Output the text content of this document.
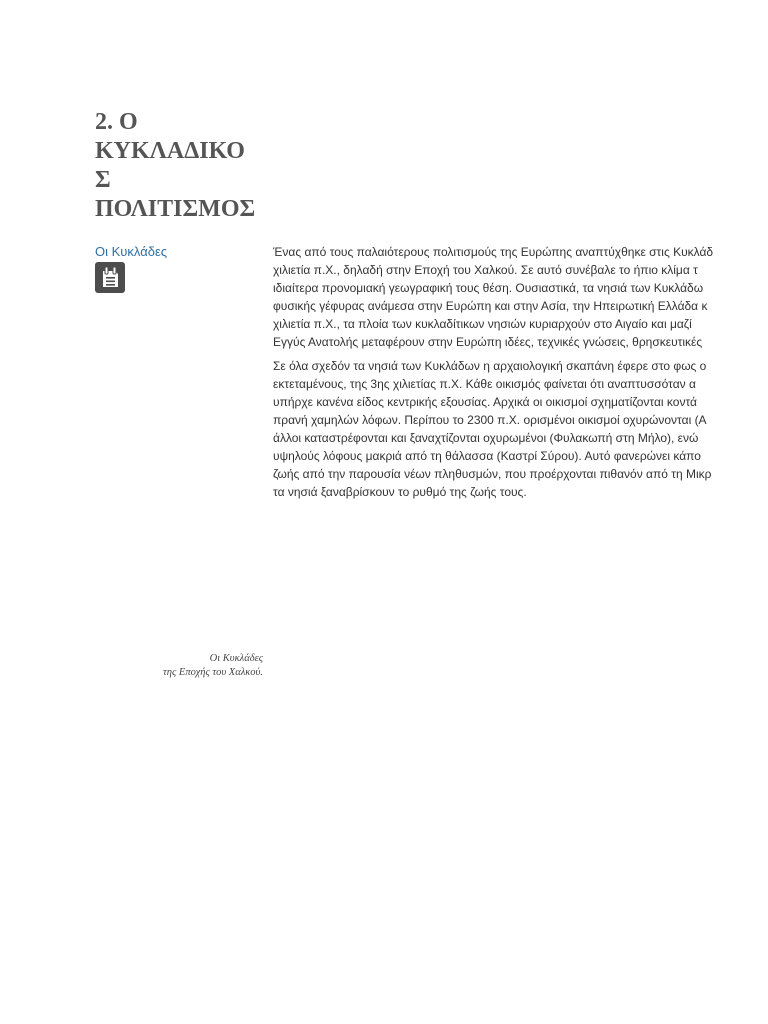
2. Ο
ΚΥΚΛΑΔΙΚΟ
Σ
ΠΟΛΙΤΙΣΜΟΣ
Οι Κυκλάδες	Ένας από τους παλαιότερους πολιτισμούς της Ευρώπης αναπτύχθηκε στις Κυκλάδ
χιλιετία π.Χ., δηλαδή στην Εποχή του Χαλκού. Σε αυτό συνέβαλε το ήπιο κλίμα τ
ιδιαίτερα προνομιακή γεωγραφική τους θέση. Ουσιαστικά, τα νησιά των Κυκλάδω
φυσικής γέφυρας ανάμεσα στην Ευρώπη και στην Ασία, την Ηπειρωτική Ελλάδα κ
χιλιετία π.Χ., τα πλοία των κυκλαδίτικων νησιών κυριαρχούν στο Αιγαίο και μαζί
Εγγύς Ανατολής μεταφέρουν στην Ευρώπη ιδέες, τεχνικές γνώσεις, θρησκευτικές

Σε όλα σχεδόν τα νησιά των Κυκλάδων η αρχαιολογική σκαπάνη έφερε στο φως ο
εκτεταμένους, της 3ης χιλιετίας π.Χ. Κάθε οικισμός φαίνεται ότι αναπτυσσόταν α
υπήρχε κανένα είδος κεντρικής εξουσίας. Αρχικά οι οικισμοί σχηματίζονται κοντά
πρανή χαμηλών λόφων. Περίπου το 2300 π.Χ. ορισμένοι οικισμοί οχυρώνονται (Α
άλλοι καταστρέφονται και ξαναχτίζονται οχυρωμένοι (Φυλακωπή στη Μήλο), ενώ
υψηλούς λόφους μακριά από τη θάλασσα (Καστρί Σύρου). Αυτό φανερώνει κάπο
ζωής από την παρουσία νέων πληθυσμών, που προέρχονται πιθανόν από τη Μικρ
τα νησιά ξαναβρίσκουν το ρυθμό της ζωής τους.

Οι Κυκλάδες
της Εποχής του Χαλκού.
